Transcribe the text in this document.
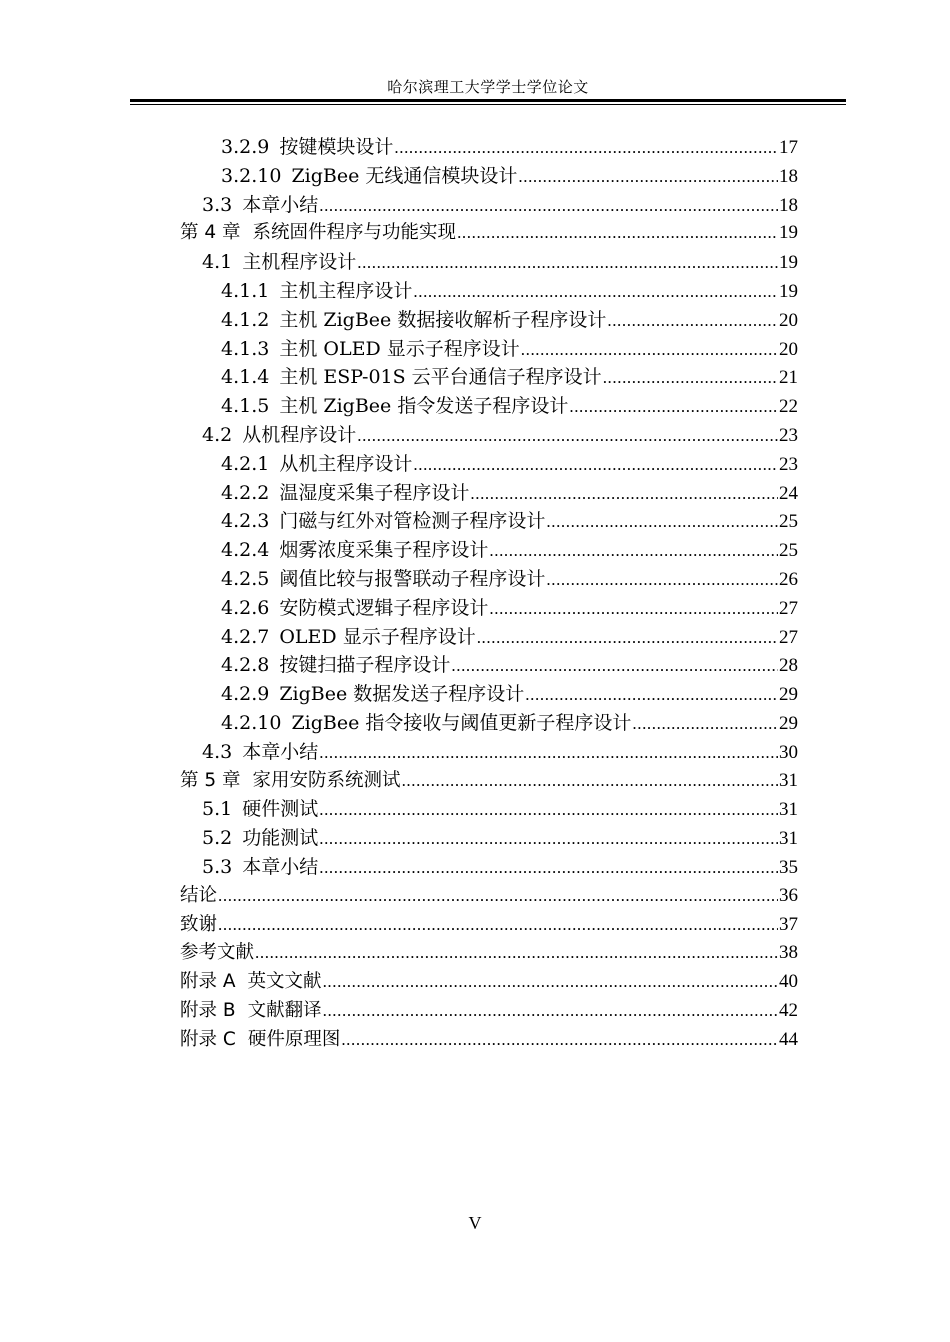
哈尔滨理工大学学士学位论文
3.2.9 按键模块设计 .....	17
3.2.10 ZigBee 无线通信模块设计 .....	18
3.3 本章小结 .....	18
第 4 章 系统固件程序与功能实现 .....	19
4.1 主机程序设计 .....	19
4.1.1 主机主程序设计 .....	19
4.1.2 主机 ZigBee 数据接收解析子程序设计 .....	20
4.1.3 主机 OLED 显示子程序设计 .....	20
4.1.4 主机 ESP-01S 云平台通信子程序设计 .....	21
4.1.5 主机 ZigBee 指令发送子程序设计 .....	22
4.2 从机程序设计 .....	23
4.2.1 从机主程序设计 .....	23
4.2.2 温湿度采集子程序设计 .....	24
4.2.3 门磁与红外对管检测子程序设计 .....	25
4.2.4 烟雾浓度采集子程序设计 .....	25
4.2.5 阈值比较与报警联动子程序设计 .....	26
4.2.6 安防模式逻辑子程序设计 .....	27
4.2.7 OLED 显示子程序设计 .....	27
4.2.8 按键扫描子程序设计 .....	28
4.2.9 ZigBee 数据发送子程序设计 .....	29
4.2.10 ZigBee 指令接收与阈值更新子程序设计 .....	29
4.3 本章小结 .....	30
第 5 章 家用安防系统测试 .....	31
5.1 硬件测试 .....	31
5.2 功能测试 .....	31
5.3 本章小结 .....	35
结论 .....	36
致谢 .....	37
参考文献 .....	38
附录 A 英文文献 .....	40
附录 B 文献翻译 .....	42
附录 C 硬件原理图 .....	44
V
